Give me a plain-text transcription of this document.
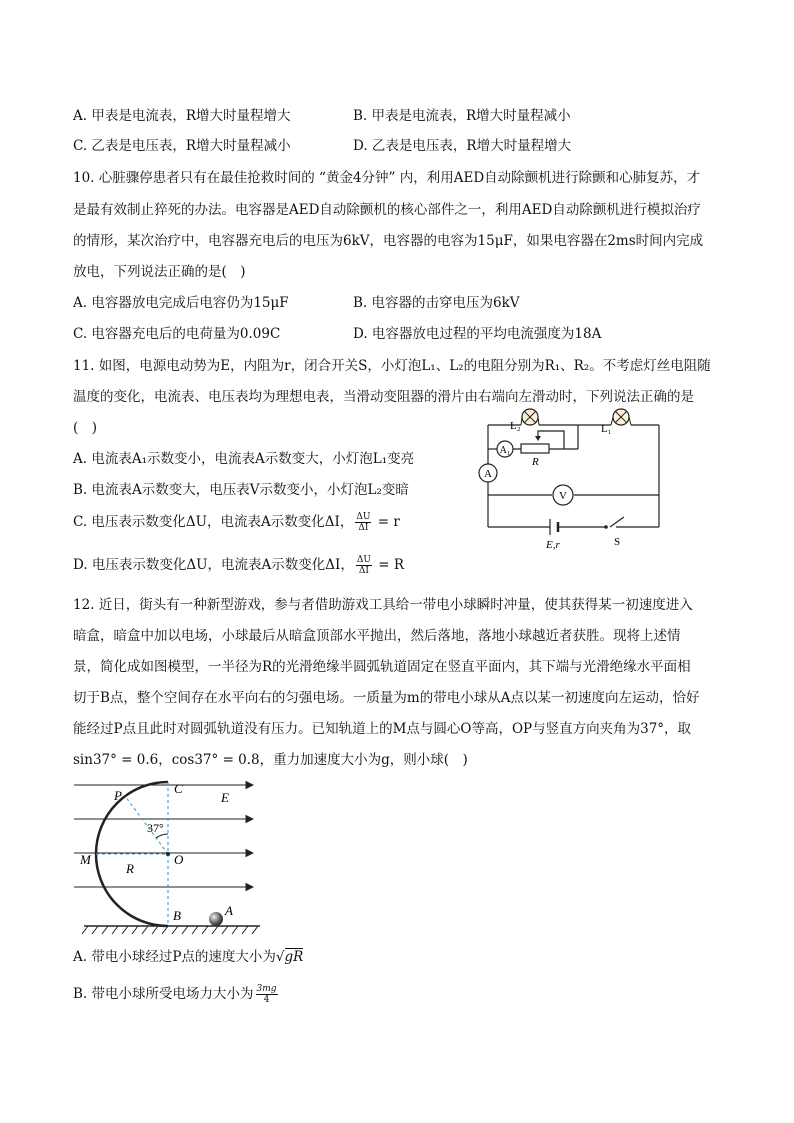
A. 甲表是电流表，R增大时量程增大	B. 甲表是电流表，R增大时量程减小
C. 乙表是电压表，R增大时量程减小	D. 乙表是电压表，R增大时量程增大
10. 心脏骤停患者只有在最佳抢救时间的 “黄金4分钟” 内，利用AED自动除颤机进行除颤和心肺复苏，才
是最有效制止猝死的办法。电容器是AED自动除颤机的核心部件之一，利用AED自动除颤机进行模拟治疗
的情形，某次治疗中，电容器充电后的电压为6kV，电容器的电容为15μF，如果电容器在2ms时间内完成
放电，下列说法正确的是(　)
A. 电容器放电完成后电容仍为15μF	B. 电容器的击穿电压为6kV
C. 电容器充电后的电荷量为0.09C	D. 电容器放电过程的平均电流强度为18A
11. 如图，电源电动势为E，内阻为r，闭合开关S，小灯泡L₁、L₂的电阻分别为R₁、R₂。不考虑灯丝电阻随
温度的变化，电流表、电压表均为理想电表，当滑动变阻器的滑片由右端向左滑动时，下列说法正确的是
(　)
A. 电流表A₁示数变小，电流表A示数变大，小灯泡L₁变亮
B. 电流表A示数变大，电压表V示数变小，小灯泡L₂变暗
C. 电压表示数变化ΔU，电流表A示数变化ΔI， $\frac{\Delta U}{\Delta I} = r$
D. 电压表示数变化ΔU，电流表A示数变化ΔI， $\frac{\Delta U}{\Delta I} = R$
A₁
A
V
L₂	L₁
R
E,r	S
12. 近日，街头有一种新型游戏，参与者借助游戏工具给一带电小球瞬时冲量，使其获得某一初速度进入
暗盒，暗盒中加以电场，小球最后从暗盒顶部水平抛出，然后落地，落地小球越近者获胜。现将上述情
景，简化成如图模型，一半径为R的光滑绝缘半圆弧轨道固定在竖直平面内，其下端与光滑绝缘水平面相
切于B点，整个空间存在水平向右的匀强电场。一质量为m的带电小球从A点以某一初速度向左运动，恰好
能经过P点且此时对圆弧轨道没有压力。已知轨道上的M点与圆心O等高，OP与竖直方向夹角为37°，取
sin37° = 0.6，cos37° = 0.8，重力加速度大小为g，则小球(　)
P	C
E
37°
M	O
R
B	A
A. 带电小球经过P点的速度大小为√gR
B. 带电小球所受电场力大小为 $\frac{3mg}{4}$
